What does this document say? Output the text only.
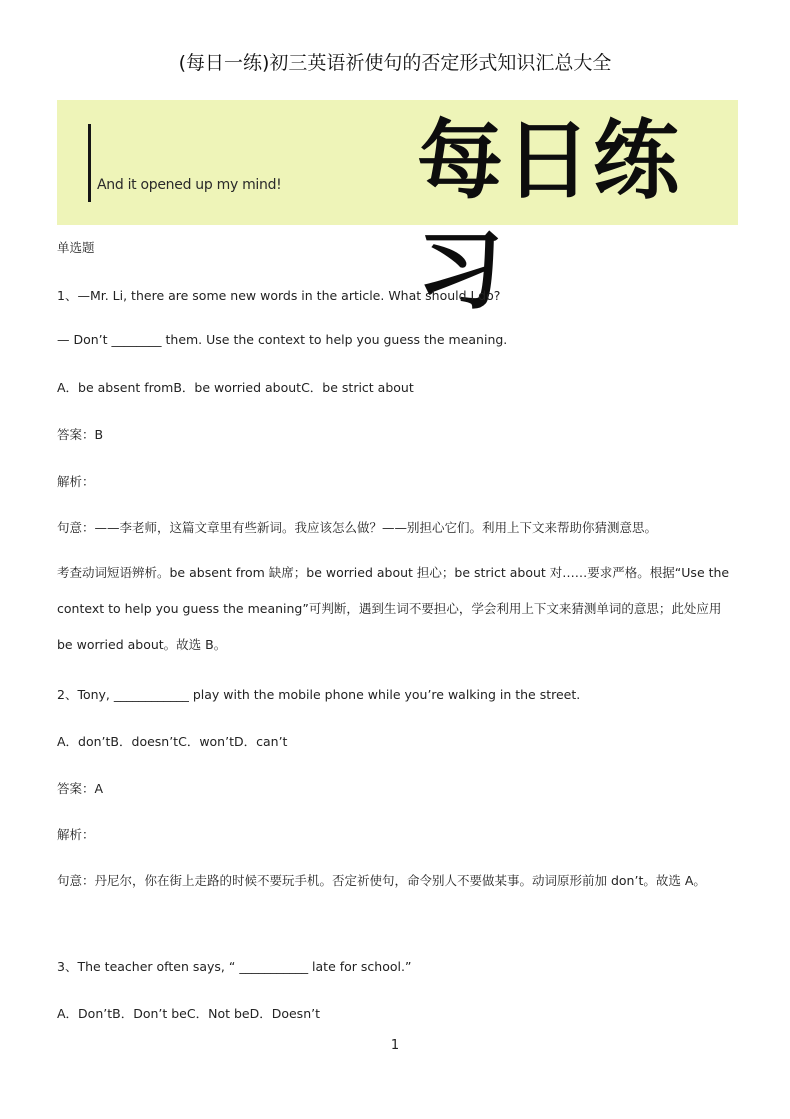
(每日一练)初三英语祈使句的否定形式知识汇总大全
And it opened up my mind! 每日练习
单选题
1、—Mr. Li, there are some new words in the article. What should I do?
— Don’t ________ them. Use the context to help you guess the meaning.
A．be absent fromB．be worried aboutC．be strict about
答案：B
解析：
句意：——李老师，这篇文章里有些新词。我应该怎么做？——别担心它们。利用上下文来帮助你猜测意思。
考查动词短语辨析。be absent from 缺席；be worried about 担心；be strict about 对……要求严格。根据“Use the context to help you guess the meaning”可判断，遇到生词不要担心，学会利用上下文来猜测单词的意思；此处应用 be worried about。故选 B。
2、Tony, ____________ play with the mobile phone while you’re walking in the street.
A．don’tB．doesn’tC．won’tD．can’t
答案：A
解析：
句意：丹尼尔，你在街上走路的时候不要玩手机。否定祈使句，命令别人不要做某事。动词原形前加 don’t。故选 A。
3、The teacher often says, “ ___________ late for school.”
A．Don’tB．Don’t beC．Not beD．Doesn’t
1
